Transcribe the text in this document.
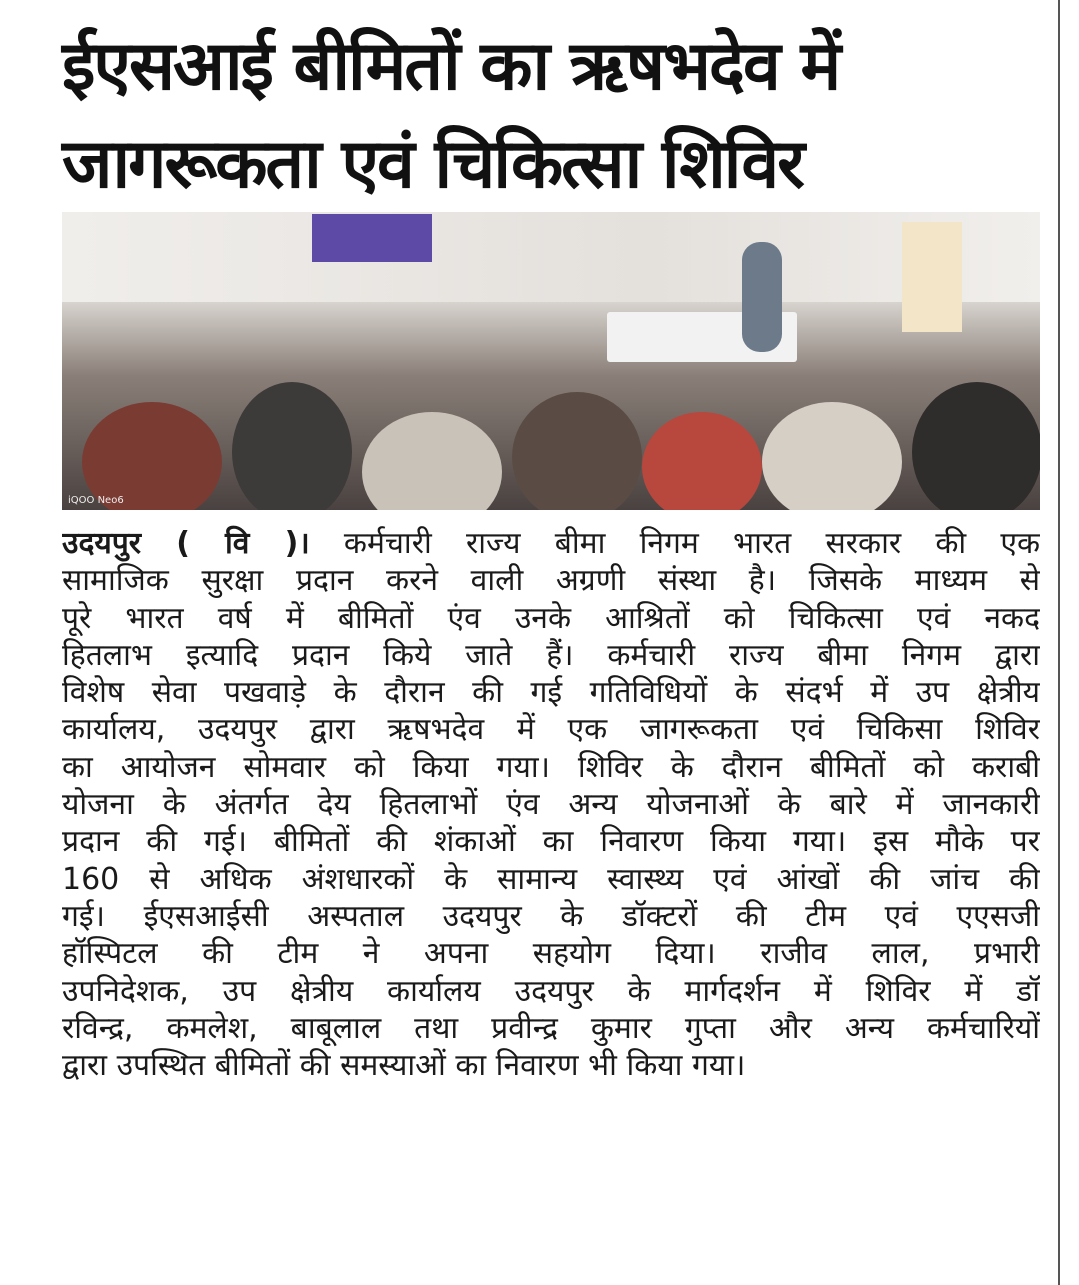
ईएसआई बीमितों का ऋषभदेव में
जागरूकता एवं चिकित्सा शिविर
iQOO Neo6
उदयपुर ( वि )। कर्मचारी राज्य बीमा निगम भारत सरकार की एक
सामाजिक सुरक्षा प्रदान करने वाली अग्रणी संस्था है। जिसके माध्यम से
पूरे भारत वर्ष में बीमितों एंव उनके आश्रितों को चिकित्सा एवं नकद
हितलाभ इत्यादि प्रदान किये जाते हैं। कर्मचारी राज्य बीमा निगम द्वारा
विशेष सेवा पखवाड़े के दौरान की गई गतिविधियों के संदर्भ में उप क्षेत्रीय
कार्यालय, उदयपुर द्वारा ऋषभदेव में एक जागरूकता एवं चिकिसा शिविर
का आयोजन सोमवार को किया गया। शिविर के दौरान बीमितों को कराबी
योजना के अंतर्गत देय हितलाभों एंव अन्य योजनाओं के बारे में जानकारी
प्रदान की गई। बीमितों की शंकाओं का निवारण किया गया। इस मौके पर
160 से अधिक अंशधारकों के सामान्य स्वास्थ्य एवं आंखों की जांच की
गई। ईएसआईसी अस्पताल उदयपुर के डॉक्टरों की टीम एवं एएसजी
हॉस्पिटल की टीम ने अपना सहयोग दिया। राजीव लाल, प्रभारी
उपनिदेशक, उप क्षेत्रीय कार्यालय उदयपुर के मार्गदर्शन में शिविर में डॉ
रविन्द्र, कमलेश, बाबूलाल तथा प्रवीन्द्र कुमार गुप्ता और अन्य कर्मचारियों
द्वारा उपस्थित बीमितों की समस्याओं का निवारण भी किया गया।
